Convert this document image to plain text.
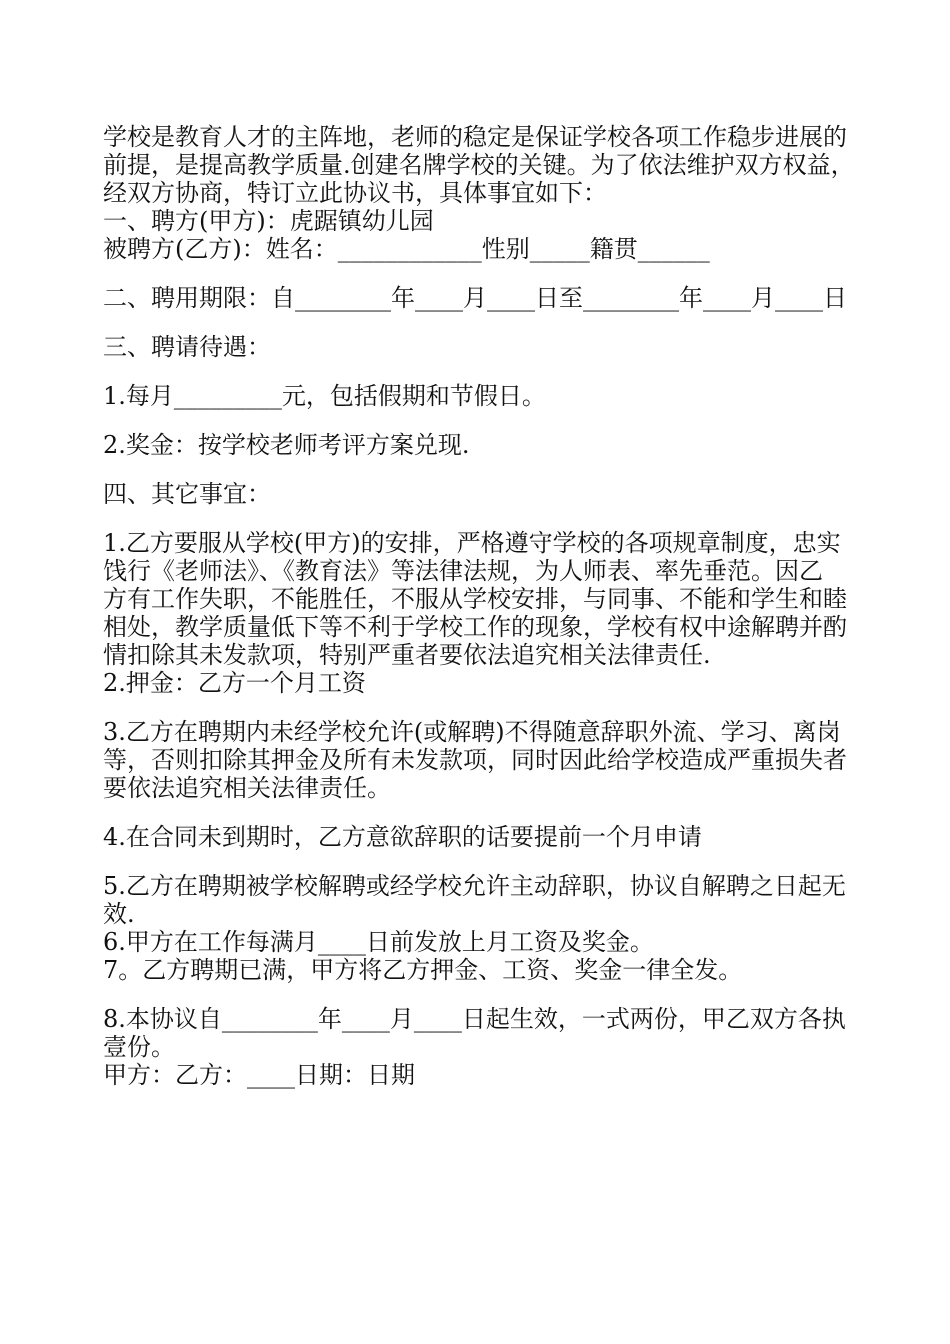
学校是教育人才的主阵地，老师的稳定是保证学校各项工作稳步进展的
前提，是提高教学质量.创建名牌学校的关键。为了依法维护双方权益，
经双方协商，特订立此协议书，具体事宜如下：
一、聘方(甲方)：虎踞镇幼儿园
被聘方(乙方)：姓名：____________性别_____籍贯______
二、聘用期限：自________年____月____日至________年____月____日
三、聘请待遇：
1.每月_________元，包括假期和节假日。
2.奖金：按学校老师考评方案兑现.
四、其它事宜：
1.乙方要服从学校(甲方)的安排，严格遵守学校的各项规章制度，忠实
饯行《老师法》、《教育法》等法律法规，为人师表、率先垂范。因乙
方有工作失职，不能胜任，不服从学校安排，与同事、不能和学生和睦
相处，教学质量低下等不利于学校工作的现象，学校有权中途解聘并酌
情扣除其未发款项，特别严重者要依法追究相关法律责任.
2.押金：乙方一个月工资
3.乙方在聘期内未经学校允许(或解聘)不得随意辞职外流、学习、离岗
等，否则扣除其押金及所有未发款项，同时因此给学校造成严重损失者
要依法追究相关法律责任。
4.在合同未到期时，乙方意欲辞职的话要提前一个月申请
5.乙方在聘期被学校解聘或经学校允许主动辞职，协议自解聘之日起无
效.
6.甲方在工作每满月____日前发放上月工资及奖金。
7。乙方聘期已满，甲方将乙方押金、工资、奖金一律全发。
8.本协议自________年____月____日起生效，一式两份，甲乙双方各执
壹份。
甲方：乙方：____日期：日期
